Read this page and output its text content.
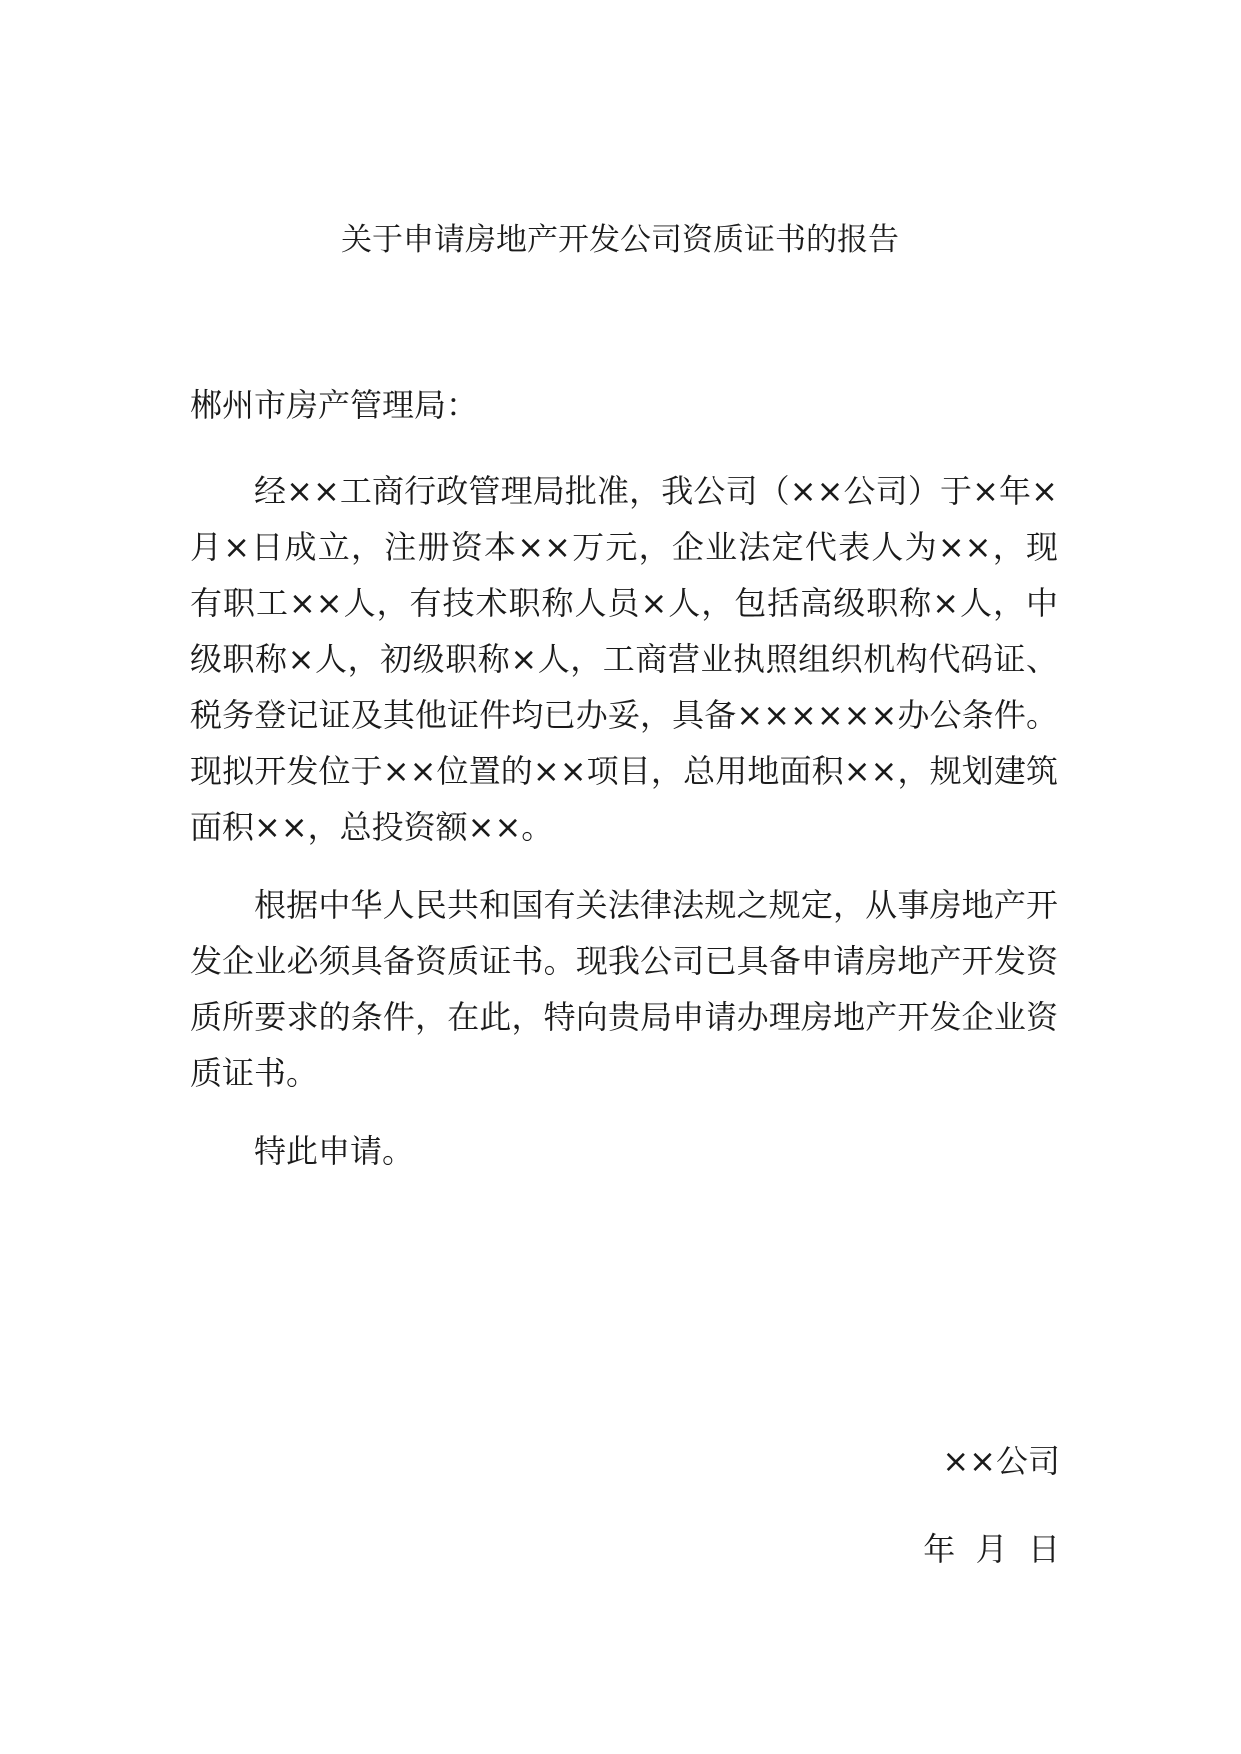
关于申请房地产开发公司资质证书的报告
郴州市房产管理局：

经××工商行政管理局批准，我公司（××公司）于×年×月×日成立，注册资本××万元，企业法定代表人为××，现有职工××人，有技术职称人员×人，包括高级职称×人，中级职称×人，初级职称×人，工商营业执照组织机构代码证、税务登记证及其他证件均已办妥，具备××××××办公条件。现拟开发位于××位置的××项目，总用地面积××，规划建筑面积××，总投资额××。

根据中华人民共和国有关法律法规之规定，从事房地产开发企业必须具备资质证书。现我公司已具备申请房地产开发资质所要求的条件，在此，特向贵局申请办理房地产开发企业资质证书。

特此申请。

××公司
年  月  日
